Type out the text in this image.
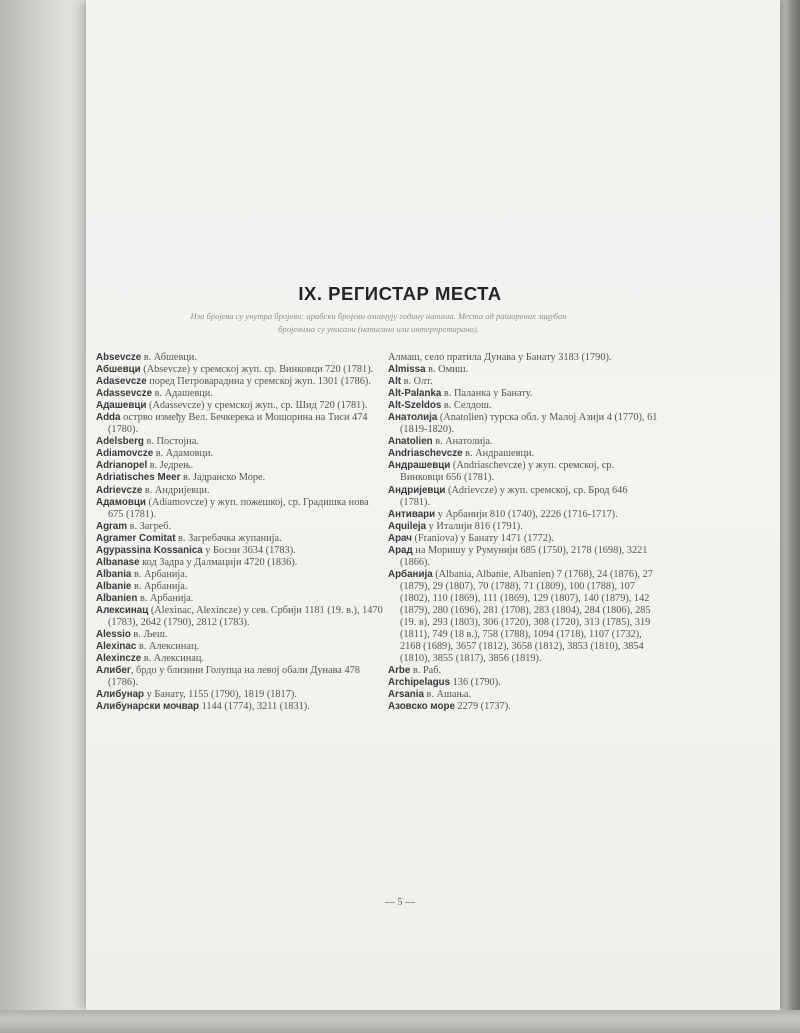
IX. РЕГИСТАР МЕСТА
Иза бројева су унутра бројеви: арабски бројеви означују годину напиша. Места од раширених зацубан
бројевима су уписани (написано или интерпретирано).

Absevcze в. Абшевци.

Абшевци (Absevcze) у сремскoj жуп. ср. Винковци 720 (1781).

Adasevcze поред Петроварадина у сремској жуп. 1301 (1786).

Adassevcze в. Адашевци.

Адашевци (Adassevcze) у сремској жуп., ср. Шид 720 (1781).

Adda острво измеђy Вел. Бечкерека и Мошорина на Тиси 474 (1780).

Adelsberg в. Постојна.

Adiamovcze в. Адамовци.

Adrianopel в. Једрењ.

Adriatisches Meer в. Јадранско Море.

Adrievcze в. Андријевци.

Адамовци (Adiamovcze) у жуп. пожешкој, ср. Градишка нова 675 (1781).

Agram в. Загреб.

Agramer Comitat в. Загребачка жупанија.

Agypassina Kossanica у Босни 3634 (1783).

Albanase код Задра у Далмацији 4720 (1836).

Albania в. Арбанија.

Albanie в. Арбанија.

Albanien в. Арбанија.

Алексинац (Alexinac, Alexincze) у сев. Србији 1181 (19. в.), 1470 (1783), 2642 (1790), 2812 (1783).

Alessio в. Љеш.

Alexinac в. Алексинац.

Alexincze в. Алексинац.

Алибег, брдо у близини Голупца на левој обали Дунава 478 (1786).

Алибунар у Банату, 1155 (1790), 1819 (1817).

Алибунарски мочвар 1144 (1774), 3211 (1831).

Алмаш, село пратила Дунава у Банату 3183 (1790).

Almissa в. Омиш.

Alt в. Олт.

Alt-Palanka в. Паланка у Банату.

Alt-Szeldos в. Селдош.

Анатолија (Anatolien) турска обл. у Малој Азији 4 (1770), 61 (1819-1820).

Anatolien в. Анатолија.

Andriaschevcze в. Андрашевци.

Андрашевци (Andriaschevcze) у жуп. сремској, ср. Винковци 656 (1781).

Андријевци (Adrievcze) у жуп. сремској, ср. Брод 646 (1781).

Антивари у Арбанији 810 (1740), 2226 (1716-1717).

Aquileja у Италији 816 (1791).

Арач (Franiova) у Банату 1471 (1772).

Арад на Моришу у Румунији 685 (1750), 2178 (1698), 3221 (1866).

Арбанија (Albania, Albanie, Albanien) 7 (1768), 24 (1876), 27 (1879), 29 (1807), 70 (1788), 71 (1809), 100 (1788), 107 (1802), 110 (1869), 111 (1869), 129 (1807), 140 (1879), 142 (1879), 280 (1696), 281 (1708), 283 (1804), 284 (1806), 285 (19. в), 293 (1803), 306 (1720), 308 (1720), 313 (1785), 319 (1811), 749 (18 в.), 758 (1788), 1094 (1718), 1107 (1732), 2168 (1689), 3657 (1812), 3658 (1812), 3853 (1810), 3854 (1810), 3855 (1817), 3856 (1819).

Arbe в. Раб.

Archipelagus 136 (1790).

Arsania в. Ашања.

Азовско море 2279 (1737).

— 5 —
